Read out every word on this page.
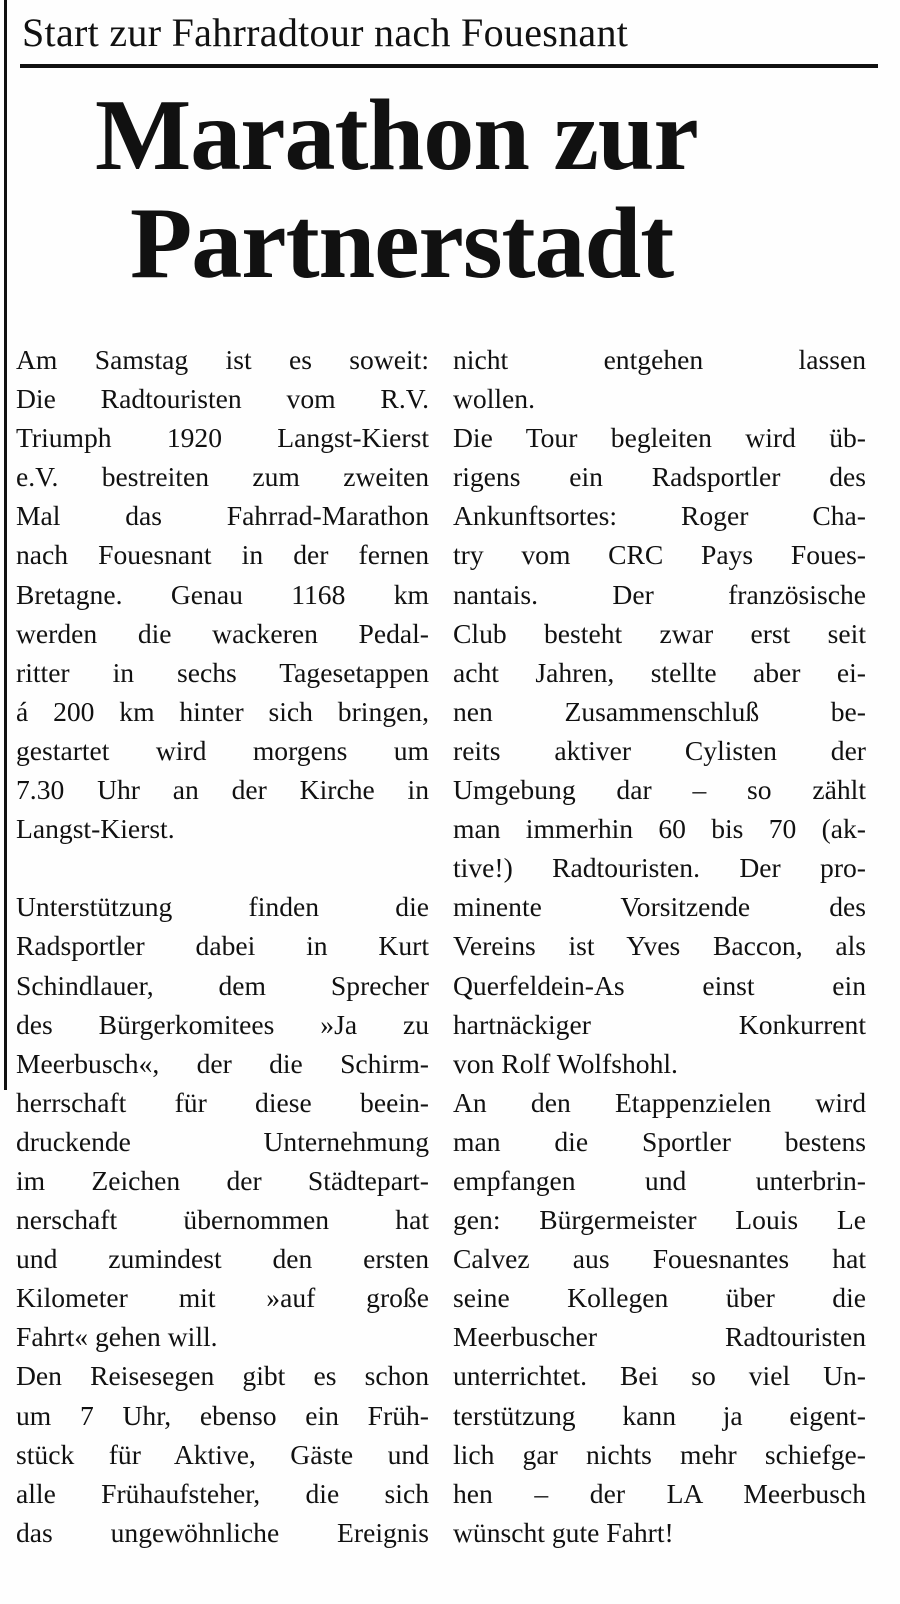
Start zur Fahrradtour nach Fouesnant
Marathon zur
Partnerstadt

Am Samstag ist es soweit:
Die Radtouristen vom R.V.
Triumph 1920 Langst-Kierst
e.V. bestreiten zum zweiten
Mal das Fahrrad-Marathon
nach Fouesnant in der fernen
Bretagne. Genau 1168 km
werden die wackeren Pedal-
ritter in sechs Tagesetappen
á 200 km hinter sich bringen,
gestartet wird morgens um
7.30 Uhr an der Kirche in
Langst-Kierst.

Unterstützung finden die
Radsportler dabei in Kurt
Schindlauer, dem Sprecher
des Bürgerkomitees »Ja zu
Meerbusch«, der die Schirm-
herrschaft für diese beein-
druckende Unternehmung
im Zeichen der Städtepart-
nerschaft übernommen hat
und zumindest den ersten
Kilometer mit »auf große
Fahrt« gehen will.

Den Reisesegen gibt es schon
um 7 Uhr, ebenso ein Früh-
stück für Aktive, Gäste und
alle Frühaufsteher, die sich
das ungewöhnliche Ereignis

nicht entgehen lassen
wollen.

Die Tour begleiten wird üb-
rigens ein Radsportler des
Ankunftsortes: Roger Cha-
try vom CRC Pays Foues-
nantais. Der französische
Club besteht zwar erst seit
acht Jahren, stellte aber ei-
nen Zusammenschluß be-
reits aktiver Cylisten der
Umgebung dar – so zählt
man immerhin 60 bis 70 (ak-
tive!) Radtouristen. Der pro-
minente Vorsitzende des
Vereins ist Yves Baccon, als
Querfeldein-As einst ein
hartnäckiger Konkurrent
von Rolf Wolfshohl.

An den Etappenzielen wird
man die Sportler bestens
empfangen und unterbrin-
gen: Bürgermeister Louis Le
Calvez aus Fouesnantes hat
seine Kollegen über die
Meerbuscher Radtouristen
unterrichtet. Bei so viel Un-
terstützung kann ja eigent-
lich gar nichts mehr schiefge-
hen – der LA Meerbusch
wünscht gute Fahrt!
